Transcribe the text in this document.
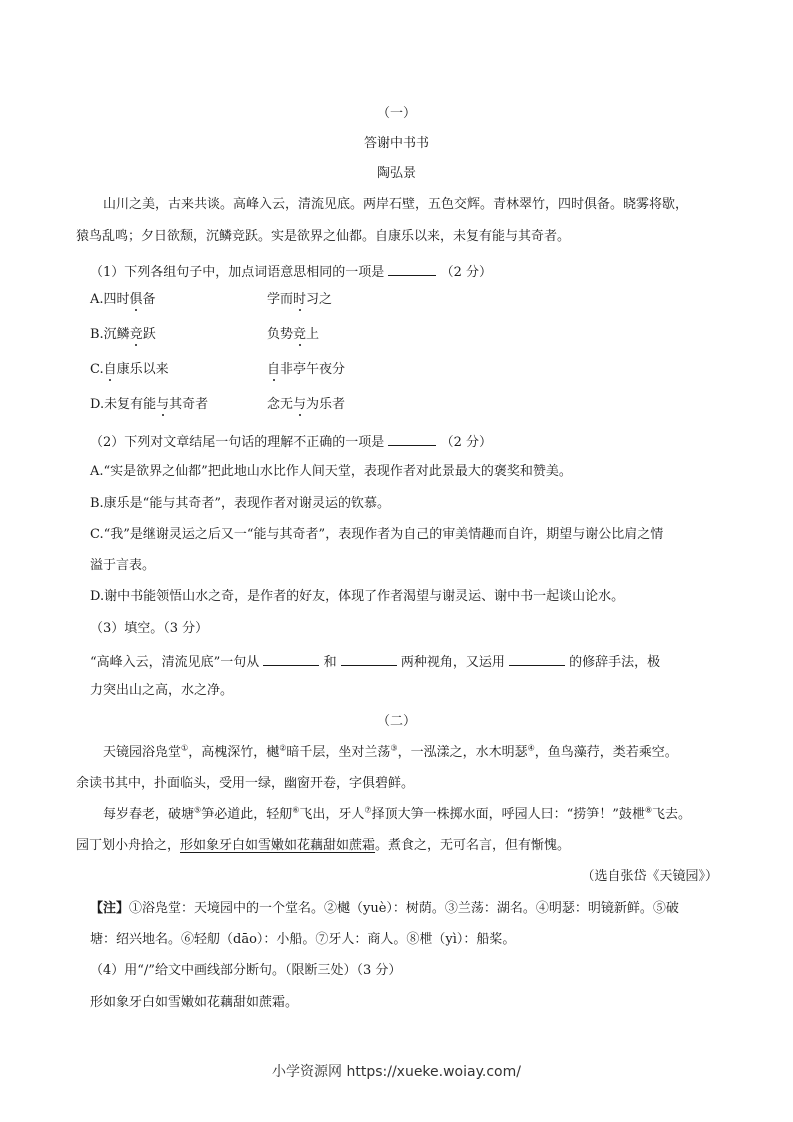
（一）
答谢中书书
陶弘景
山川之美，古来共谈。高峰入云，清流见底。两岸石壁，五色交辉。青林翠竹，四时俱备。晓雾将歇，
猿鸟乱鸣；夕日欲颓，沉鳞竞跃。实是欲界之仙都。自康乐以来，未复有能与其奇者。
（1）下列各组句子中，加点词语意思相同的一项是	（2 分）
A.四时俱备	学而时习之
B.沉鳞竞跃	负势竞上
C.自康乐以来	自非亭午夜分
D.未复有能与其奇者	念无与为乐者
（2）下列对文章结尾一句话的理解不正确的一项是	（2 分）
A.“实是欲界之仙都”把此地山水比作人间天堂，表现作者对此景最大的褒奖和赞美。
B.康乐是“能与其奇者”，表现作者对谢灵运的钦慕。
C.“我”是继谢灵运之后又一“能与其奇者”，表现作者为自己的审美情趣而自许，期望与谢公比肩之情
溢于言表。
D.谢中书能领悟山水之奇，是作者的好友，体现了作者渴望与谢灵运、谢中书一起谈山论水。
（3）填空。（3 分）
“高峰入云，清流见底”一句从	和	两种视角，又运用	的修辞手法，极
力突出山之高，水之净。
（二）
天镜园浴凫堂①，高槐深竹，樾②暗千层，坐对兰荡③，一泓漾之，水木明瑟④，鱼鸟藻荇，类若乘空。
余读书其中，扑面临头，受用一绿，幽窗开卷，字俱碧鲜。
每岁春老，破塘⑤笋必道此，轻舠⑥飞出，牙人⑦择顶大笋一株掷水面，呼园人曰：“捞笋！”鼓枻⑧飞去。
园丁划小舟拾之，形如象牙白如雪嫩如花藕甜如蔗霜。煮食之，无可名言，但有惭愧。
（选自张岱《天镜园》）
【注】①浴凫堂：天境园中的一个堂名。②樾（yuè）：树荫。③兰荡：湖名。④明瑟：明镜新鲜。⑤破
塘：绍兴地名。⑥轻舠（dāo）：小船。⑦牙人：商人。⑧枻（yì）：船桨。
（4）用“/”给文中画线部分断句。（限断三处）（3 分）
形如象牙白如雪嫩如花藕甜如蔗霜。
小学资源网 https://xueke.woiay.com/
